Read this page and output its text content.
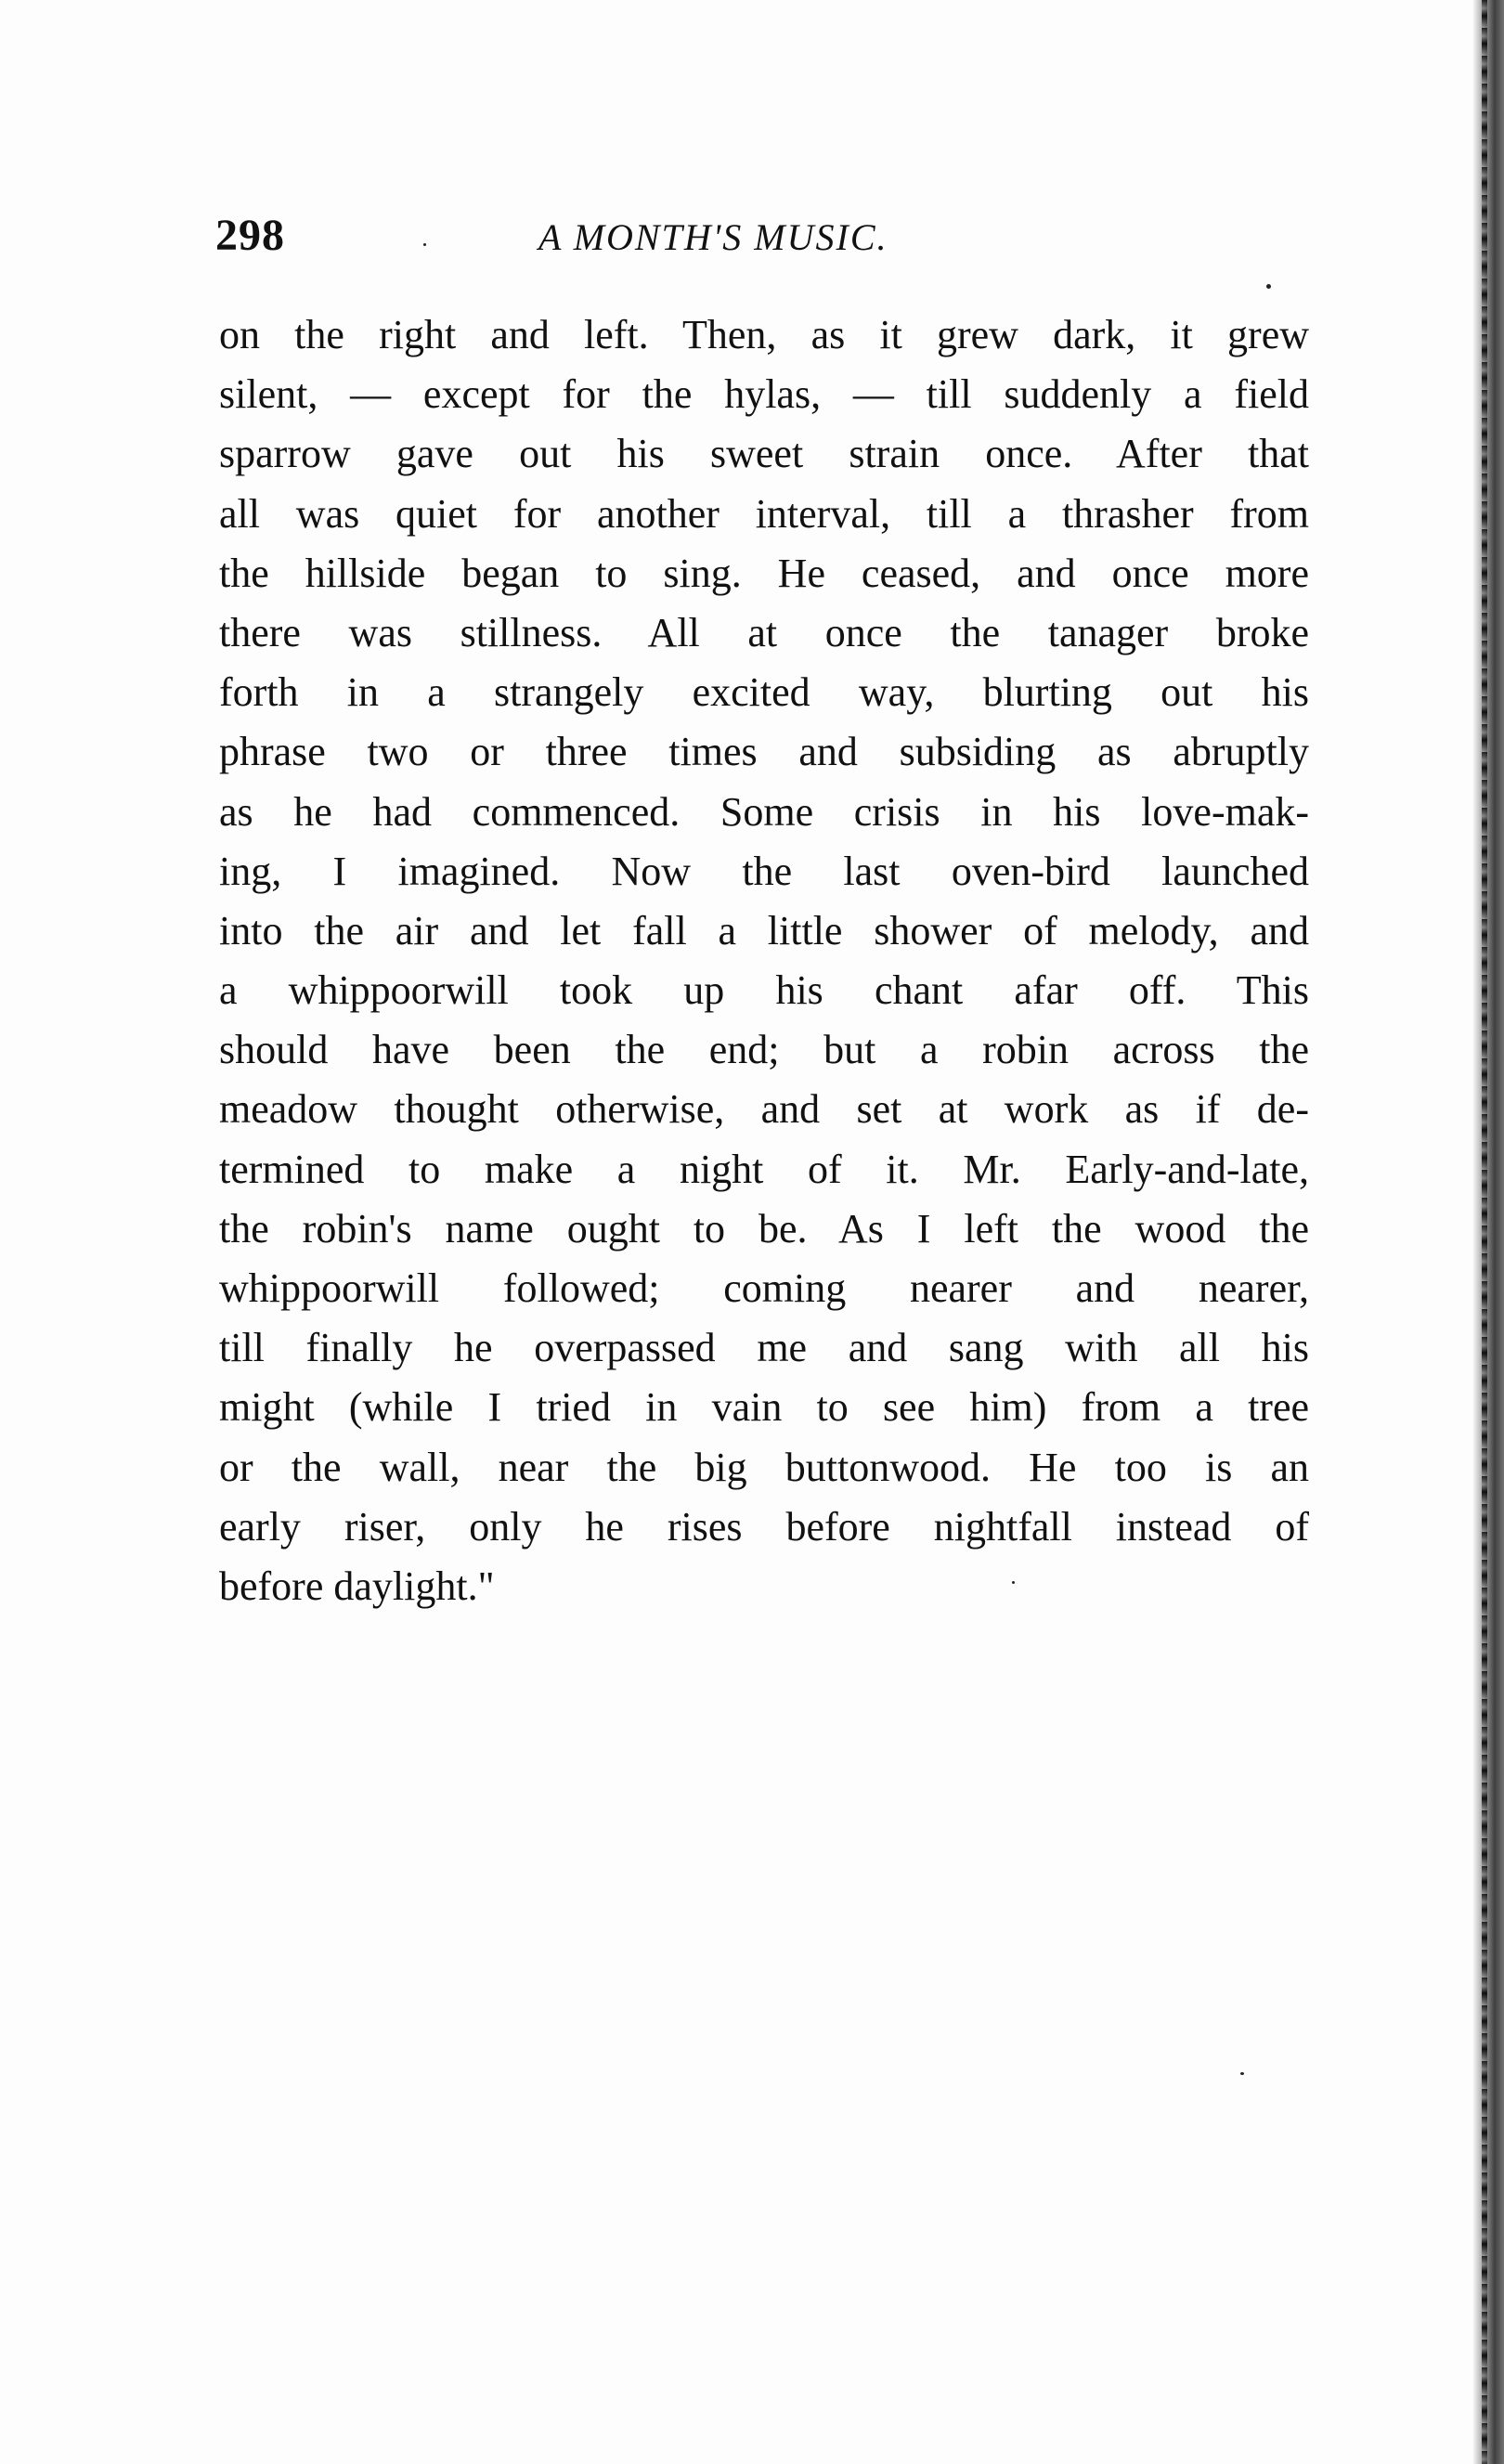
298	A MONTH'S MUSIC.
on the right and left. Then, as it grew dark, it grew
silent, — except for the hylas, — till suddenly a field
sparrow gave out his sweet strain once. After that
all was quiet for another interval, till a thrasher from
the hillside began to sing. He ceased, and once more
there was stillness. All at once the tanager broke
forth in a strangely excited way, blurting out his
phrase two or three times and subsiding as abruptly
as he had commenced. Some crisis in his love-mak-
ing, I imagined. Now the last oven-bird launched
into the air and let fall a little shower of melody, and
a whippoorwill took up his chant afar off. This
should have been the end; but a robin across the
meadow thought otherwise, and set at work as if de-
termined to make a night of it. Mr. Early-and-late,
the robin's name ought to be. As I left the wood the
whippoorwill followed; coming nearer and nearer,
till finally he overpassed me and sang with all his
might (while I tried in vain to see him) from a tree
or the wall, near the big buttonwood. He too is an
early riser, only he rises before nightfall instead of
before daylight."
